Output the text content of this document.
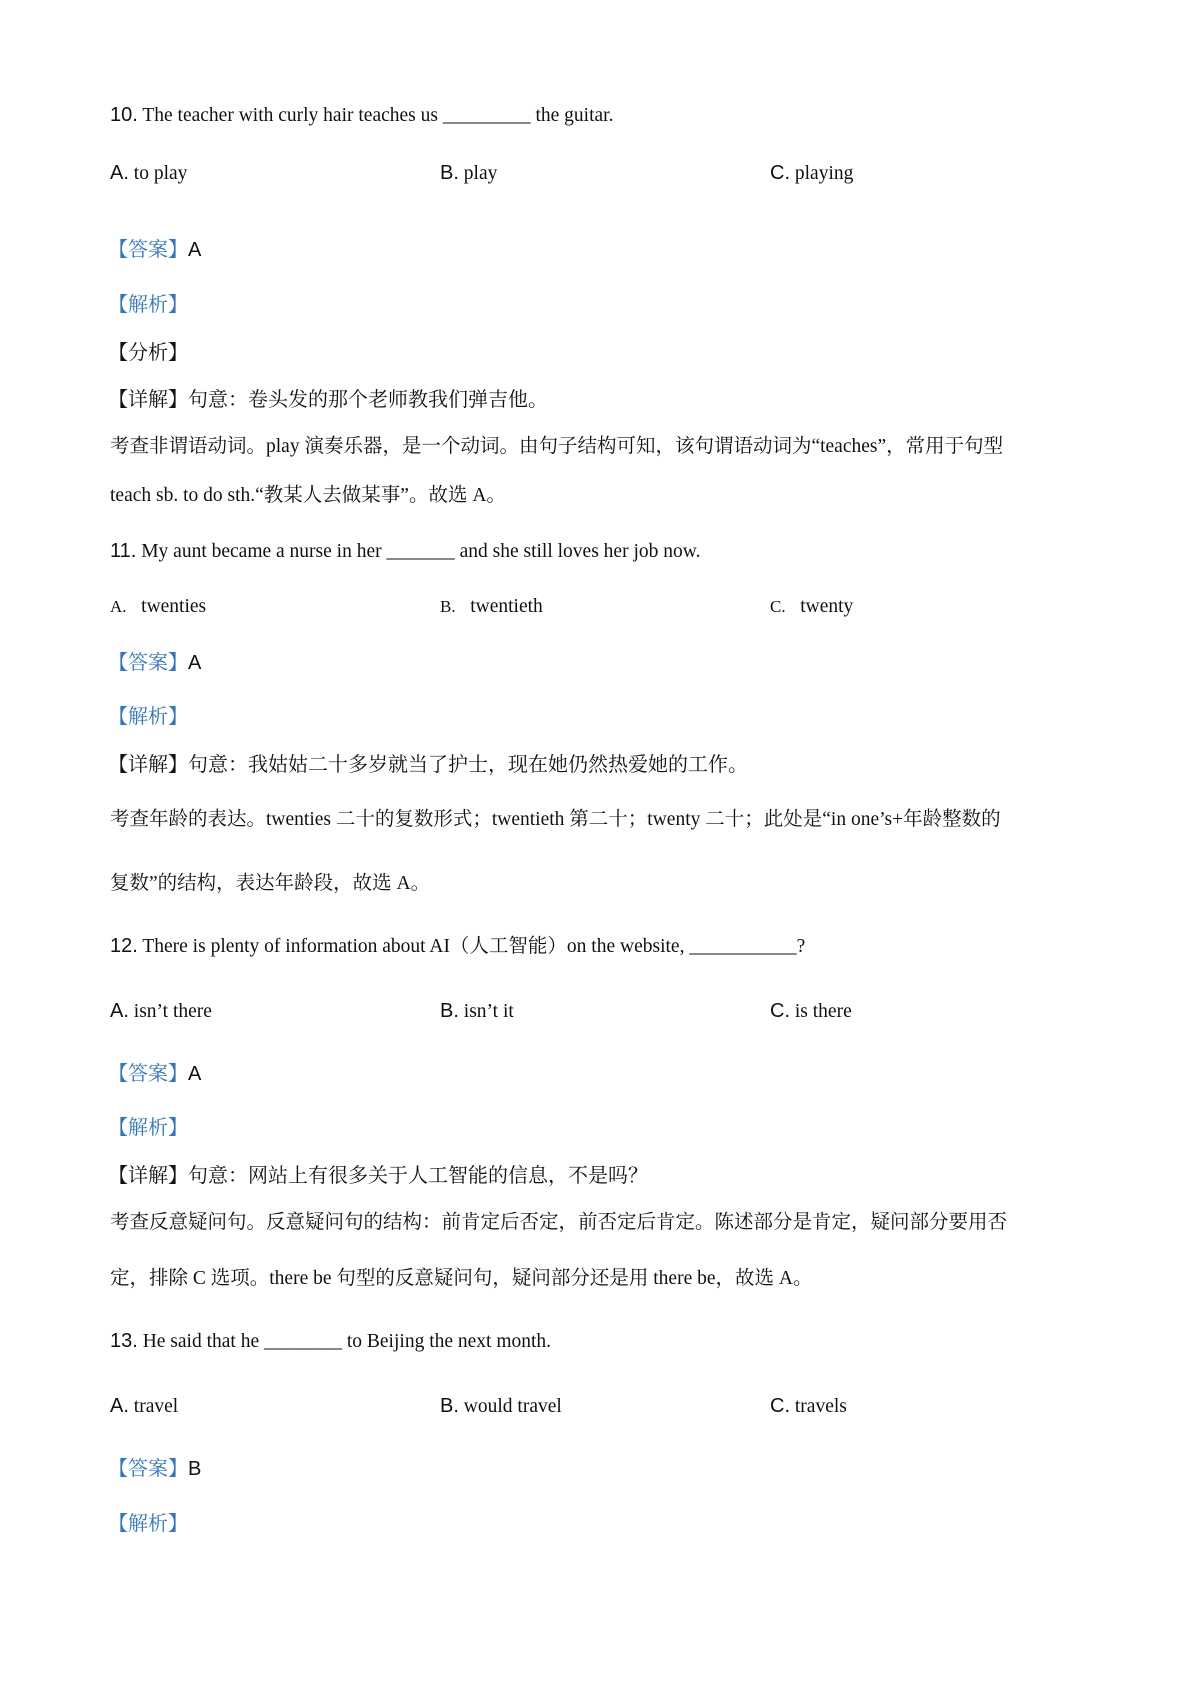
10. The teacher with curly hair teaches us _________ the guitar.
A. to play	B. play	C. playing
【答案】A
【解析】
【分析】
【详解】句意：卷头发的那个老师教我们弹吉他。
考查非谓语动词。play 演奏乐器，是一个动词。由句子结构可知，该句谓语动词为“teaches”，常用于句型
teach sb. to do sth.“教某人去做某事”。故选 A。
11. My aunt became a nurse in her _______ and she still loves her job now.
A. twenties	B. twentieth	C. twenty
【答案】A
【解析】
【详解】句意：我姑姑二十多岁就当了护士，现在她仍然热爱她的工作。
考查年龄的表达。twenties 二十的复数形式；twentieth 第二十；twenty 二十；此处是“in one’s+年龄整数的
复数”的结构，表达年龄段，故选 A。
12. There is plenty of information about AI（人工智能）on the website, ___________?
A. isn’t there	B. isn’t it	C. is there
【答案】A
【解析】
【详解】句意：网站上有很多关于人工智能的信息，不是吗？
考查反意疑问句。反意疑问句的结构：前肯定后否定，前否定后肯定。陈述部分是肯定，疑问部分要用否
定，排除 C 选项。there be 句型的反意疑问句，疑问部分还是用 there be，故选 A。
13. He said that he ________ to Beijing the next month.
A. travel	B. would travel	C. travels
【答案】B
【解析】
